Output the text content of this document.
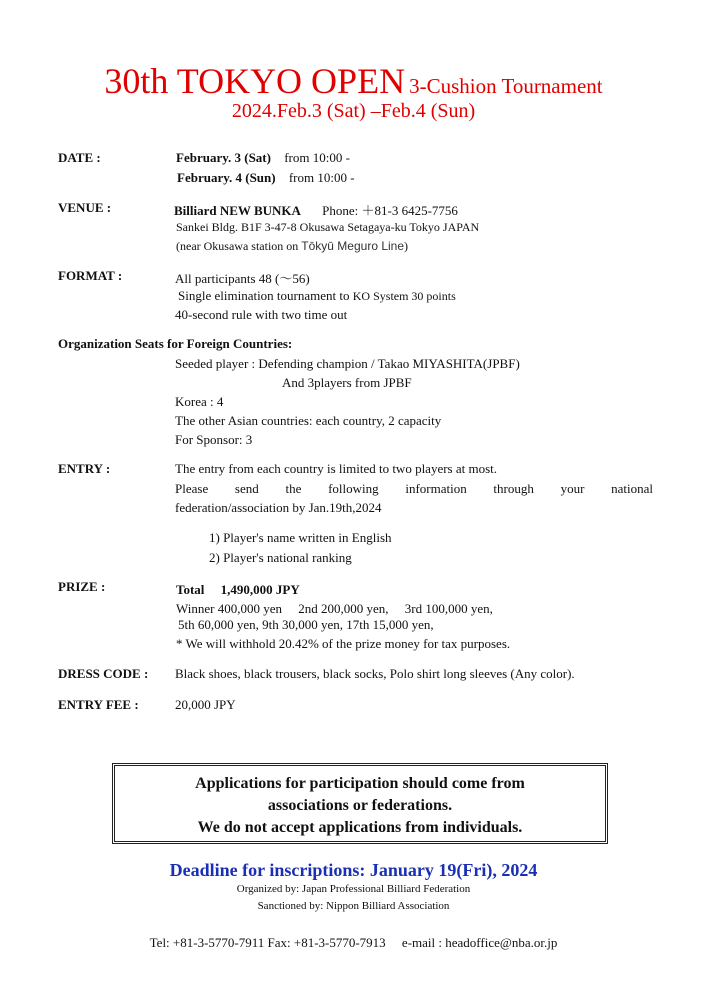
30th TOKYO OPEN 3-Cushion Tournament
2024.Feb.3 (Sat) –Feb.4 (Sun)
DATE :	February. 3 (Sat) from 10:00 -
February. 4 (Sun) from 10:00 -
VENUE :	Billiard NEW BUNKA Phone: ＋81-3 6425-7756
Sankei Bldg. B1F 3-47-8 Okusawa Setagaya-ku Tokyo JAPAN
(near Okusawa station on Tōkyū Meguro Line)
FORMAT :	All participants 48 (～56)
Single elimination tournament to KO System 30 points
40-second rule with two time out
Organization Seats for Foreign Countries:
Seeded player : Defending champion / Takao MIYASHITA(JPBF)
And 3players from JPBF
Korea : 4
The other Asian countries: each country, 2 capacity
For Sponsor: 3
ENTRY :	The entry from each country is limited to two players at most.
Please send the following information through your national
federation/association by Jan.19th,2024
1) Player's name written in English
2) Player's national ranking
PRIZE :	Total　 1,490,000 JPY
Winner 400,000 yen　 2nd 200,000 yen,　 3rd 100,000 yen,
5th 60,000 yen, 9th 30,000 yen, 17th 15,000 yen,
* We will withhold 20.42% of the prize money for tax purposes.
DRESS CODE : Black shoes, black trousers, black socks, Polo shirt long sleeves (Any color).
ENTRY FEE :	20,000 JPY
Applications for participation should come from
associations or federations.
We do not accept applications from individuals.
Deadline for inscriptions: January 19(Fri), 2024
Organized by: Japan Professional Billiard Federation
Sanctioned by: Nippon Billiard Association
Tel: +81-3-5770-7911 Fax: +81-3-5770-7913　 e-mail : headoffice@nba.or.jp
